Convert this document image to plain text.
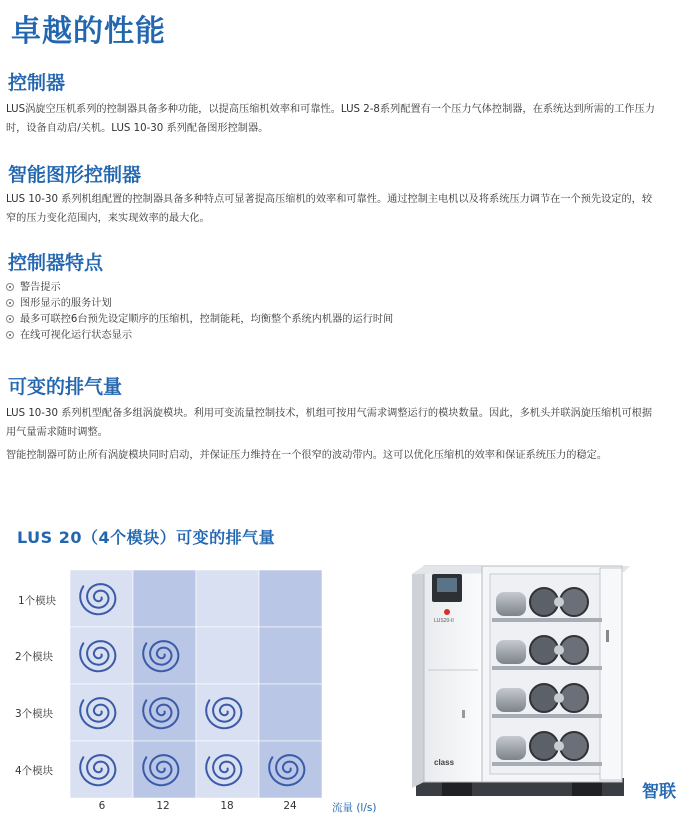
卓越的性能
控制器
LUS涡旋空压机系列的控制器具备多种功能，以提高压缩机效率和可靠性。LUS 2-8系列配置有一个压力气体控制器，在系统达到所需的工作压力时，设备自动启/关机。LUS 10-30 系列配备图形控制器。
智能图形控制器
LUS 10-30 系列机组配置的控制器具备多种特点可显著提高压缩机的效率和可靠性。通过控制主电机以及将系统压力调节在一个预先设定的，较窄的压力变化范围内，来实现效率的最大化。
控制器特点
警告提示
图形显示的服务计划
最多可联控6台预先设定顺序的压缩机，控制能耗，均衡整个系统内机器的运行时间
在线可视化运行状态显示
可变的排气量
LUS 10-30 系列机型配备多组涡旋模块。利用可变流量控制技术，机组可按用气需求调整运行的模块数量。因此，多机头并联涡旋压缩机可根据用气量需求随时调整。
智能控制器可防止所有涡旋模块同时启动，并保证压力维持在一个很窄的波动带内。这可以优化压缩机的效率和保证系统压力的稳定。
LUS 20（4个模块）可变的排气量
1个模块
2个模块
3个模块
4个模块
6	12	18	24	流量 (l/s)
LUS20-II
class
智联
